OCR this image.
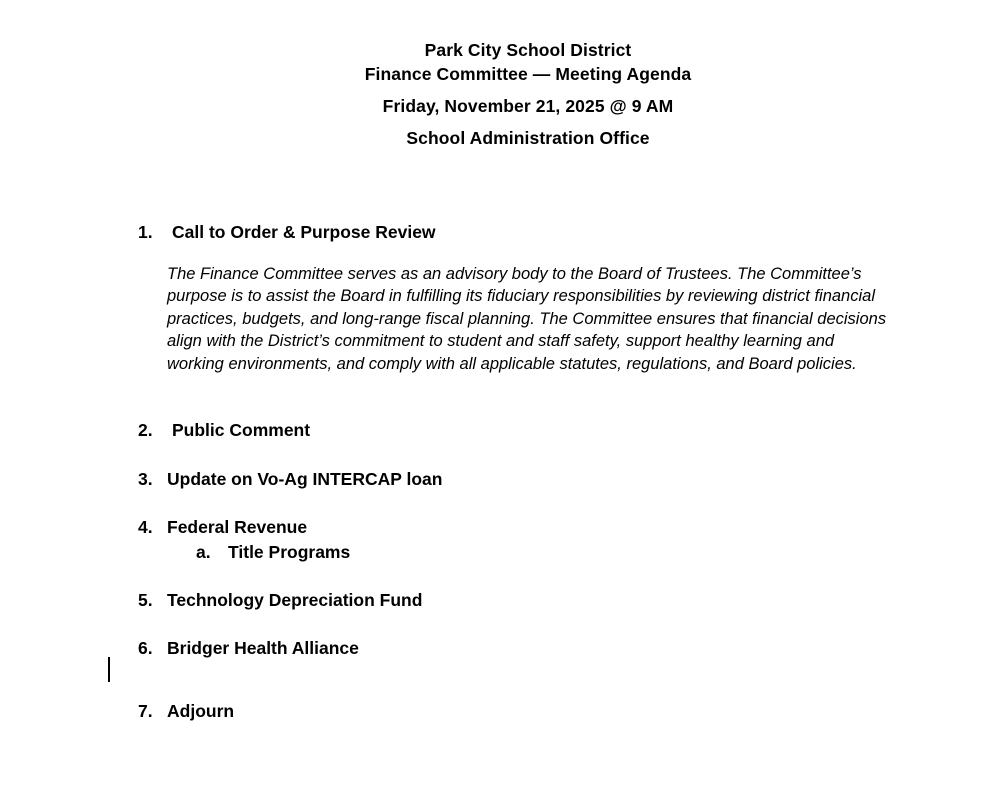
Park City School District
Finance Committee — Meeting Agenda
Friday, November 21, 2025 @ 9 AM
School Administration Office
1.	Call to Order & Purpose Review
2.	Public Comment
3. Update on Vo-Ag INTERCAP loan
4. Federal Revenue
a. Title Programs
5. Technology Depreciation Fund
6. Bridger Health Alliance
7. Adjourn
The Finance Committee serves as an advisory body to the Board of Trustees. The Committee’s purpose is to assist the Board in fulfilling its fiduciary responsibilities by reviewing district financial practices, budgets, and long-range fiscal planning. The Committee ensures that financial decisions align with the District’s commitment to student and staff safety, support healthy learning and working environments, and comply with all applicable statutes, regulations, and Board policies.
